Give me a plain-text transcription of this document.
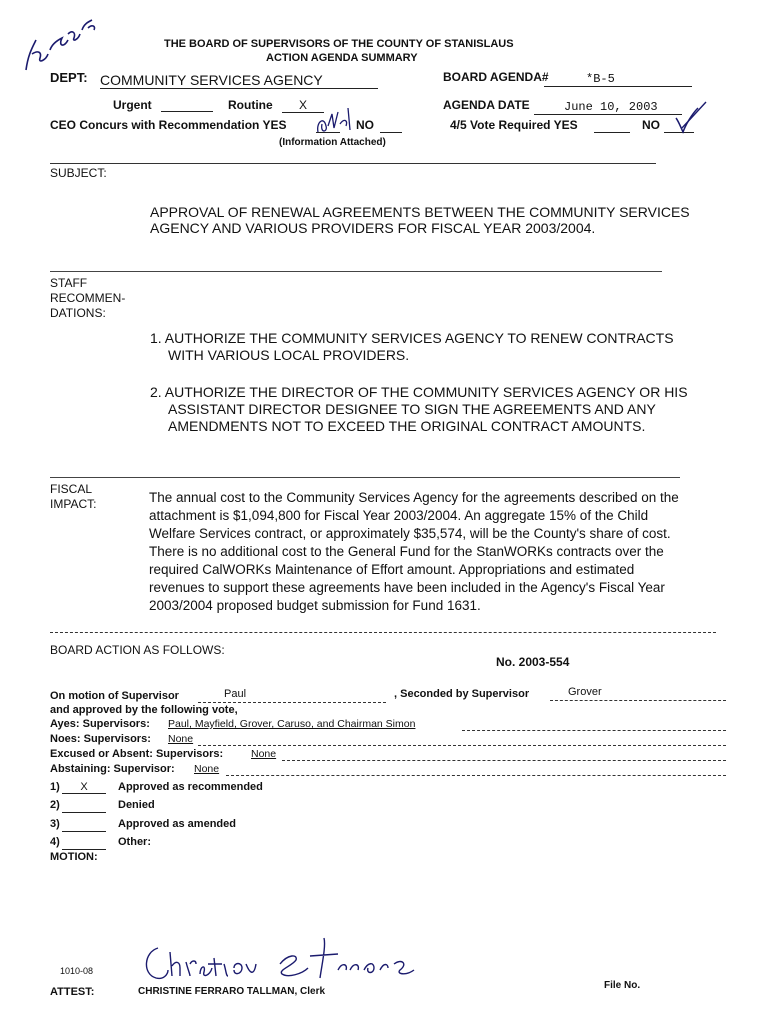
THE BOARD OF SUPERVISORS OF THE COUNTY OF STANISLAUS
ACTION AGENDA SUMMARY
DEPT: COMMUNITY SERVICES AGENCY	BOARD AGENDA#	*B-5
Urgent	Routine	X	AGENDA DATE	June 10, 2003
CEO Concurs with Recommendation YES	NO
(Information Attached)
4/5 Vote Required YES	NO
SUBJECT:
APPROVAL OF RENEWAL AGREEMENTS BETWEEN THE COMMUNITY SERVICES
AGENCY AND VARIOUS PROVIDERS FOR FISCAL YEAR 2003/2004.
STAFF
RECOMMEN-
DATIONS:
1. AUTHORIZE THE COMMUNITY SERVICES AGENCY TO RENEW CONTRACTS
WITH VARIOUS LOCAL PROVIDERS.
2. AUTHORIZE THE DIRECTOR OF THE COMMUNITY SERVICES AGENCY OR HIS
ASSISTANT DIRECTOR DESIGNEE TO SIGN THE AGREEMENTS AND ANY
AMENDMENTS NOT TO EXCEED THE ORIGINAL CONTRACT AMOUNTS.
FISCAL
IMPACT:	The annual cost to the Community Services Agency for the agreements described on the
attachment is $1,094,800 for Fiscal Year 2003/2004. An aggregate 15% of the Child
Welfare Services contract, or approximately $35,574, will be the County's share of cost.
There is no additional cost to the General Fund for the StanWORKs contracts over the
required CalWORKs Maintenance of Effort amount. Appropriations and estimated
revenues to support these agreements have been included in the Agency's Fiscal Year
2003/2004 proposed budget submission for Fund 1631.
BOARD ACTION AS FOLLOWS:
No. 2003-554
On motion of Supervisor	Paul	, Seconded by Supervisor	Grover
and approved by the following vote,
Ayes: Supervisors: Paul, Mayfield, Grover, Caruso, and Chairman Simon
Noes: Supervisors: None
Excused or Absent: Supervisors:	None
Abstaining: Supervisor: None
1)	X	Approved as recommended
2)	Denied
3)	Approved as amended
4)	Other:
MOTION:
1010-08
ATTEST:	CHRISTINE FERRARO TALLMAN, Clerk
File No.
